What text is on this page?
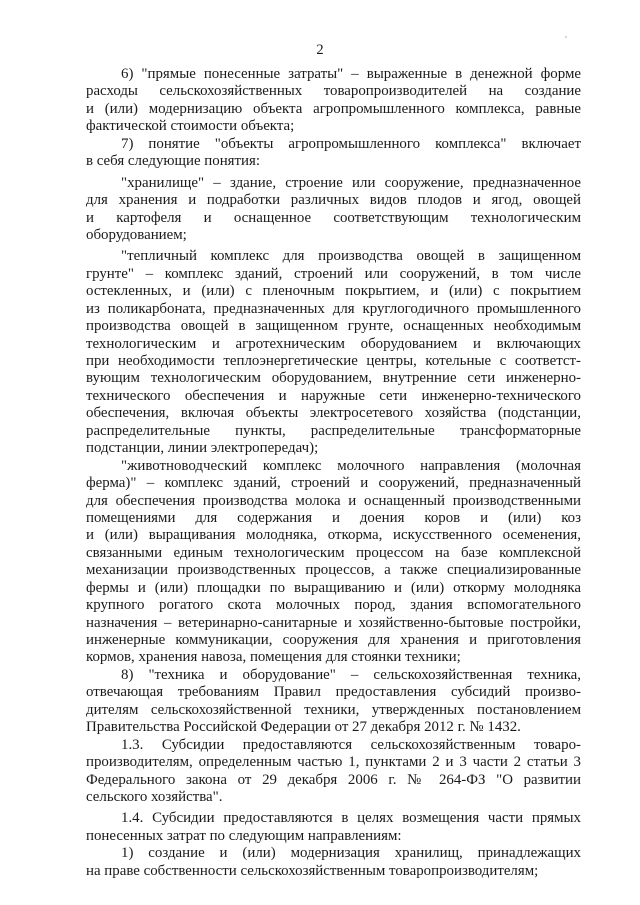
2

6) "прямые понесенные затраты" – выраженные в денежной форме
расходы сельскохозяйственных товаропроизводителей на создание
и (или) модернизацию объекта агропромышленного комплекса, равные
фактической стоимости объекта;
7) понятие "объекты агропромышленного комплекса" включает
в себя следующие понятия:
"хранилище" – здание, строение или сооружение, предназначенное
для хранения и подработки различных видов плодов и ягод, овощей
и картофеля и оснащенное соответствующим технологическим
оборудованием;
"тепличный комплекс для производства овощей в защищенном
грунте" – комплекс зданий, строений или сооружений, в том числе
остекленных, и (или) с пленочным покрытием, и (или) с покрытием
из поликарбоната, предназначенных для круглогодичного промышленного
производства овощей в защищенном грунте, оснащенных необходимым
технологическим и агротехническим оборудованием и включающих
при необходимости теплоэнергетические центры, котельные с соответст-
вующим технологическим оборудованием, внутренние сети инженерно-
технического обеспечения и наружные сети инженерно-технического
обеспечения, включая объекты электросетевого хозяйства (подстанции,
распределительные пункты, распределительные трансформаторные
подстанции, линии электропередач);
"животноводческий комплекс молочного направления (молочная
ферма)" – комплекс зданий, строений и сооружений, предназначенный
для обеспечения производства молока и оснащенный производственными
помещениями для содержания и доения коров и (или) коз
и (или) выращивания молодняка, откорма, искусственного осеменения,
связанными единым технологическим процессом на базе комплексной
механизации производственных процессов, а также специализированные
фермы и (или) площадки по выращиванию и (или) откорму молодняка
крупного рогатого скота молочных пород, здания вспомогательного
назначения – ветеринарно-санитарные и хозяйственно-бытовые постройки,
инженерные коммуникации, сооружения для хранения и приготовления
кормов, хранения навоза, помещения для стоянки техники;
8) "техника и оборудование" – сельскохозяйственная техника,
отвечающая требованиям Правил предоставления субсидий произво-
дителям сельскохозяйственной техники, утвержденных постановлением
Правительства Российской Федерации от 27 декабря 2012 г. № 1432.
1.3. Субсидии предоставляются сельскохозяйственным товаро-
производителям, определенным частью 1, пунктами 2 и 3 части 2 статьи 3
Федерального закона от 29 декабря 2006 г. № 264-ФЗ "О развитии
сельского хозяйства".
1.4. Субсидии предоставляются в целях возмещения части прямых
понесенных затрат по следующим направлениям:
1) создание и (или) модернизация хранилищ, принадлежащих
на праве собственности сельскохозяйственным товаропроизводителям;
